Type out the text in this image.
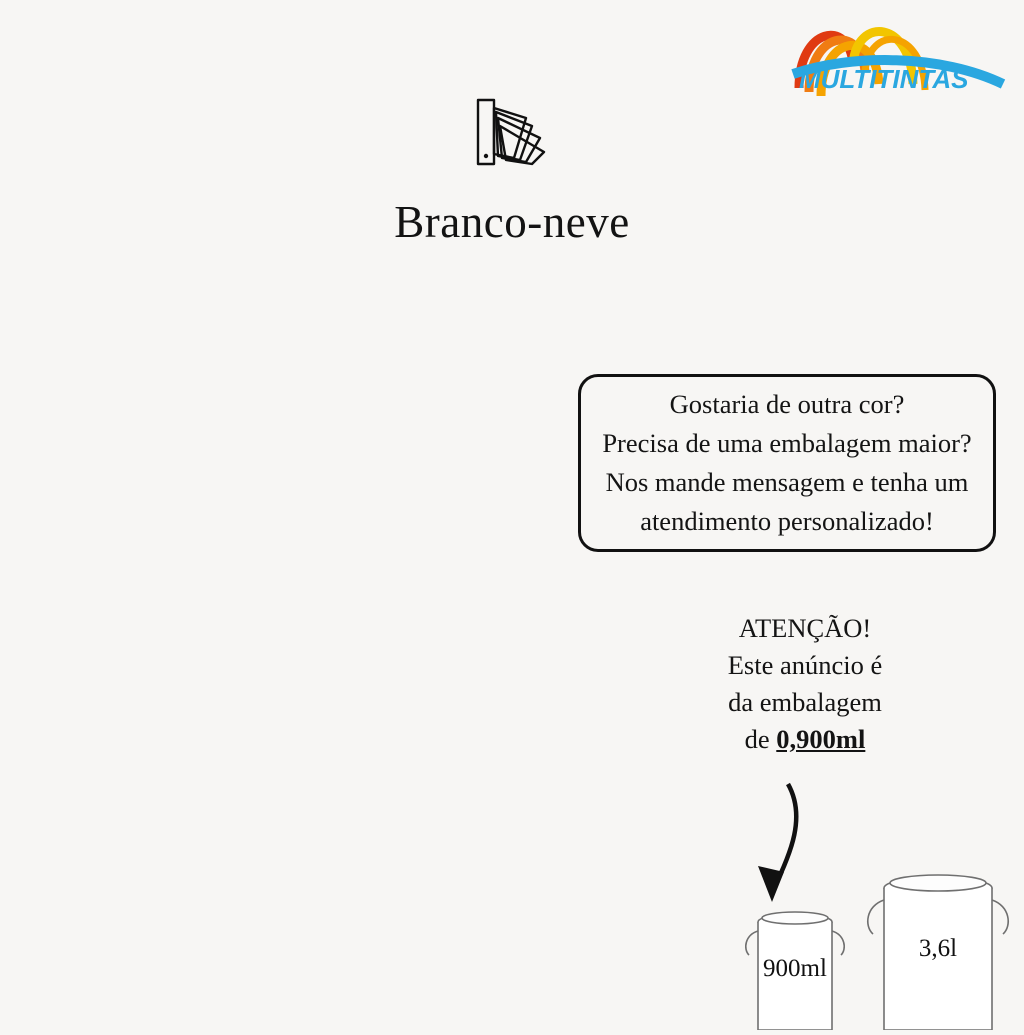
MULTITINTAS
Branco-neve
Gostaria de outra cor?
Precisa de uma embalagem maior?
Nos mande mensagem e tenha um
atendimento personalizado!
ATENÇÃO!
Este anúncio é
da embalagem
de 0,900ml
900ml
3,6l
